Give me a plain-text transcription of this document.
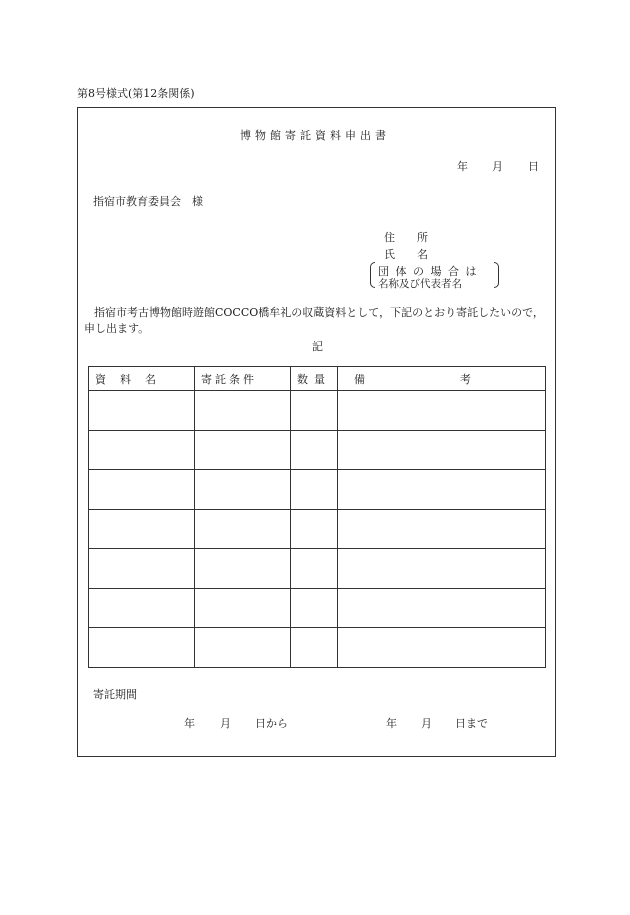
第8号様式(第12条関係)
博物館寄託資料申出書
年 月 日
指宿市教育委員会　様
住　　所
氏　　名
団 体 の 場 合 は
名称及び代表者名
指宿市考古博物館時遊館COCCO橋牟礼の収蔵資料として，下記のとおり寄託したいので，申し出ます。
記
資料名	寄託条件	数量	備 考

寄託期間
年 月 日から	年 月 日まで
